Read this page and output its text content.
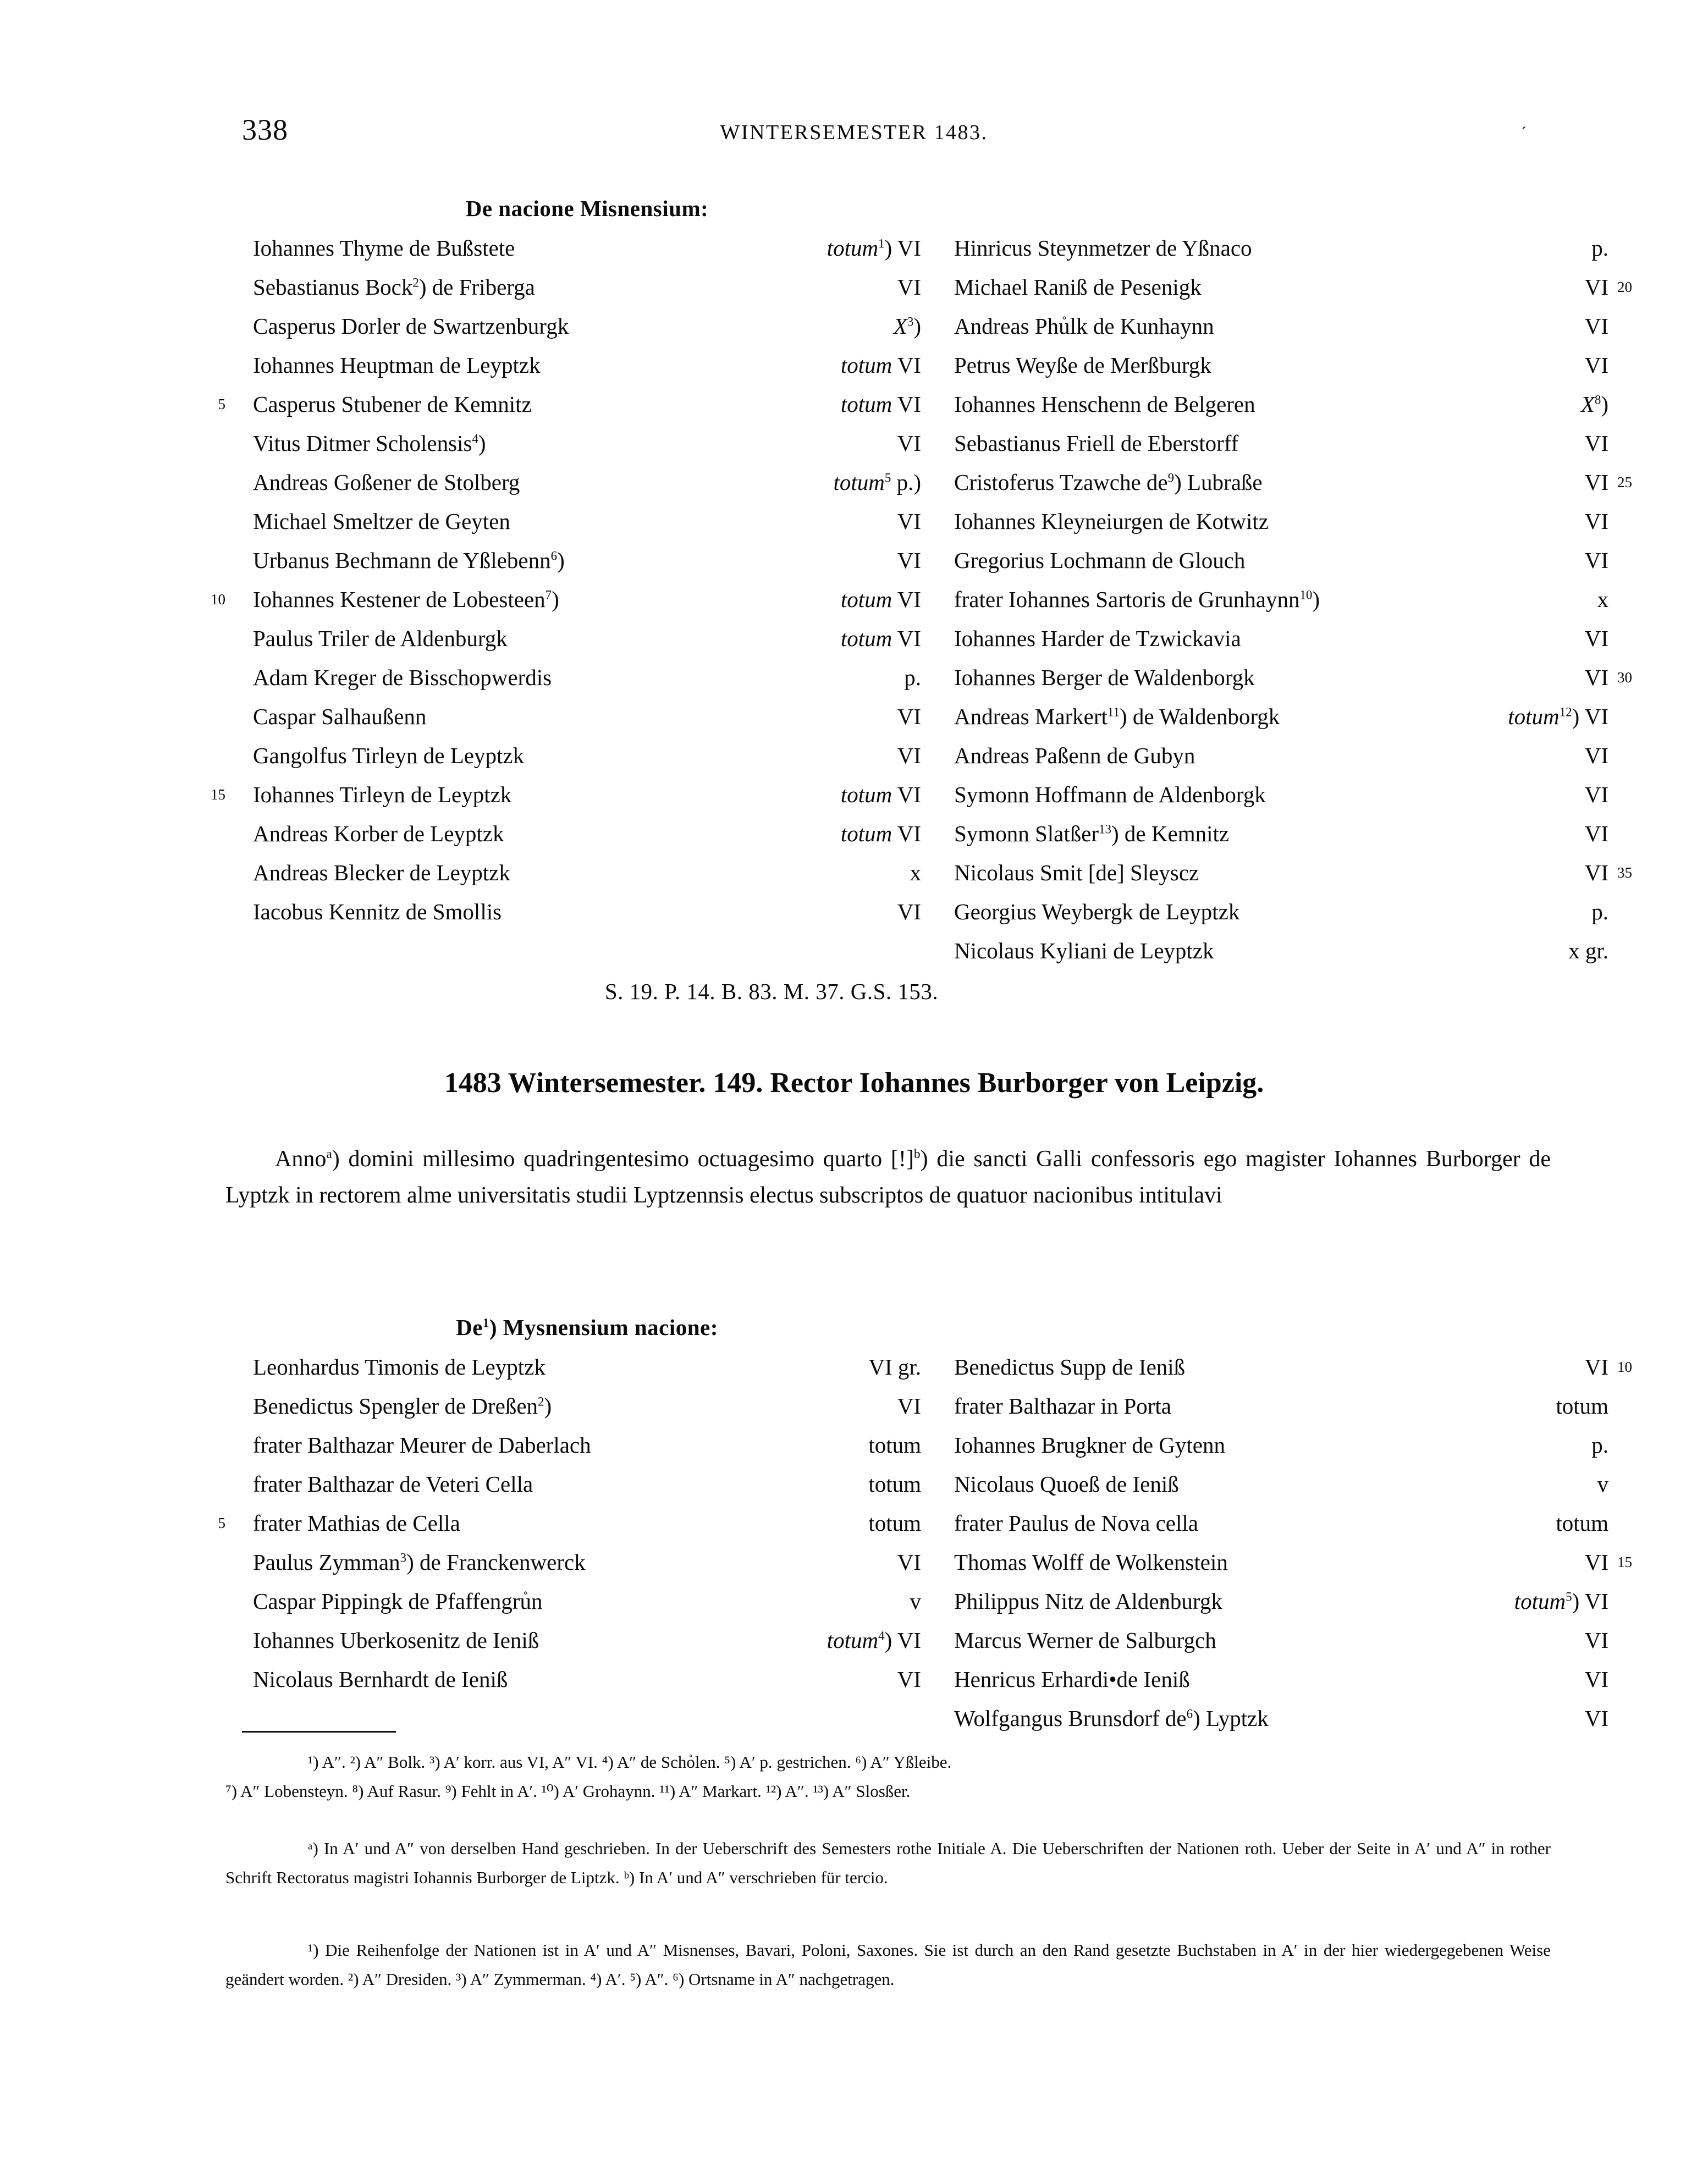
338	WINTERSEMESTER 1483.	´
De nacione Misnensium:
Iohannes Thyme de Bußstete	totum$^1$) VI
Sebastianus Bock$^2$) de Friberga	VI
Casperus Dorler de Swartzenburgk	$X^3$)
Iohannes Heuptman de Leyptzk	totum VI
5	Casperus Stubener de Kemnitz	totum VI
Vitus Ditmer Scholensis$^4$)	VI
Andreas Goßener de Stolberg	totum$^5$ p.)
Michael Smeltzer de Geyten	VI
Urbanus Bechmann de Yßlebenn$^6$)	VI
10	Iohannes Kestener de Lobesteen$^7$)	totum VI
Paulus Triler de Aldenburgk	totum VI
Adam Kreger de Bisschopwerdis	p.
Caspar Salhaußenn	VI
Gangolfus Tirleyn de Leyptzk	VI
15	Iohannes Tirleyn de Leyptzk	totum VI
Andreas Korber de Leyptzk	totum VI
Andreas Blecker de Leyptzk	x
Iacobus Kennitz de Smollis	VI

Hinricus Steynmetzer de Yßnaco	p.
20
Michael Raniß de Pesenigk	VI
Andreas Phu ˚lk de Kunhaynn	VI
Petrus Weyße de Merßburgk	VI
Iohannes Henschenn de Belgeren	$X^8$)
Sebastianus Friell de Eberstorff	VI
25
Cristoferus Tzawche $de^9$) Lubraße	VI
Iohannes Kleyneiurgen de Kotwitz	VI
Gregorius Lochmann de Glouch	VI
frater Iohannes Sartoris de Grunhaynn$^{10}$)	x
Iohannes Harder de Tzwickavia	VI
30
Iohannes Berger de Waldenborgk	VI
Andreas Markert$^{11}$) de Waldenborgk	totum$^{12}$) VI
Andreas Paßenn de Gubyn	VI
Symonn Hoffmann de Aldenborgk	VI
Symonn Slatßer$^{13}$) de Kemnitz	VI
35
Nicolaus Smit [de] Sleyscz	VI
Georgius Weybergk de Leyptzk	p.
Nicolaus Kyliani de Leyptzk	x gr.
S. 19. P. 14. B. 83. M. 37. G.S. 153.
1483 Wintersemester. 149. Rector Iohannes Burborger von Leipzig.
Anno$^a$) domini millesimo quadringentesimo octuagesimo quarto [!]$^b$) die sancti Galli confessoris ego magister Iohannes Burborger de Lyptzk in rectorem alme universitatis studii Lyptzennsis electus subscriptos de quatuor nacionibus intitulavi
De$^1$) Mysnensium nacione:
Leonhardus Timonis de Leyptzk	VI gr.
Benedictus Spengler de Dreßen$^2$)	VI
frater Balthazar Meurer de Daberlach	totum
frater Balthazar de Veteri Cella	totum
5	frater Mathias de Cella	totum
Paulus Zymman$^3$) de Franckenwerck	VI
Caspar Pippingk de Pfaffengru ˚n	v
Iohannes Uberkosenitz de Ieniß	totum$^4$) VI
Nicolaus Bernhardt de Ieniß	VI

10
Benedictus Supp de Ieniß	VI
frater Balthazar in Porta	totum
Iohannes Brugkner de Gytenn	p.
Nicolaus Quoeß de Ieniß	v
frater Paulus de Nova cella	totum
15
Thomas Wolff de Wolkenstein	VI
Philippus Nitz de Alden eburgk	totum$^5$) VI
Marcus Werner de Salburgch	VI
Henricus Erhardi•de Ieniß	VI
Wolfgangus Brunsdorf $de^6$) Lyptzk	VI
¹) A″. ²) A″ Bolk. ³) A′ korr. aus VI, A″ VI. ⁴) A″ de Scho ˚len. ⁵) A′ p. gestrichen. ⁶) A″ Yßleibe.
⁷) A″ Lobensteyn. ⁸) Auf Rasur. ⁹) Fehlt in A′. ¹⁰) A′ Grohaynn. ¹¹) A″ Markart. ¹²) A″. ¹³) A″ Slosßer.
ᵃ) In A′ und A″ von derselben Hand geschrieben. In der Ueberschrift des Semesters rothe Initiale A. Die Ueberschriften der Nationen roth. Ueber der Seite in A′ und A″ in rother Schrift Rectoratus magistri Iohannis Burborger de Liptzk. ᵇ) In A′ und A″ verschrieben für tercio.
¹) Die Reihenfolge der Nationen ist in A′ und A″ Misnenses, Bavari, Poloni, Saxones. Sie ist durch an den Rand gesetzte Buchstaben in A′ in der hier wiedergegebenen Weise geändert worden. ²) A″ Dresiden. ³) A″ Zymmerman. ⁴) A′. ⁵) A″. ⁶) Ortsname in A″ nachgetragen.
